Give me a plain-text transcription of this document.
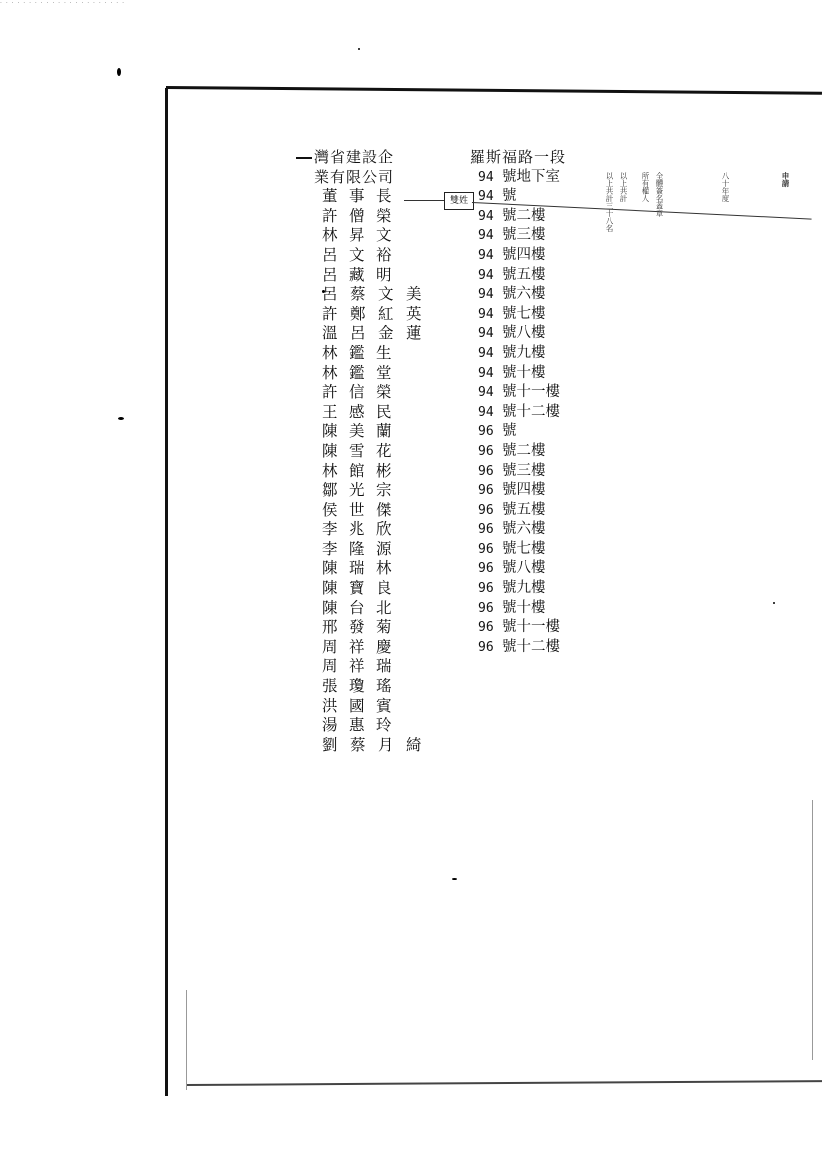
· · · · · · · · · · · · · · · · · · · · · ·
雙姓
灣省建設企
業有限公司
董 事 長
許 僧 榮
林 昇 文
呂 文 裕
呂 藏 明
呂 蔡 文 美
許 鄭 紅 英
溫 呂 金 蓮
林 鑑 生
林 鑑 堂
許 信 榮
王 感 民
陳 美 蘭
陳 雪 花
林 館 彬
鄒 光 宗
侯 世 傑
李 兆 欣
李 隆 源
陳 瑞 林
陳 寶 良
陳 台 北
邢 發 菊
周 祥 慶
周 祥 瑞
張 瓊 瑤
洪 國 賓
湯 惠 玲
劉 蔡 月 綺
羅斯福路一段
94 號地下室
94 號
94 號二樓
94 號三樓
94 號四樓
94 號五樓
94 號六樓
94 號七樓
94 號八樓
94 號九樓
94 號十樓
94 號十一樓
94 號十二樓
96 號
96 號二樓
96 號三樓
96 號四樓
96 號五樓
96 號六樓
96 號七樓
96 號八樓
96 號九樓
96 號十樓
96 號十一樓
96 號十二樓
以上共計三十八名 以上共計 所有權人 全體簽名蓋章	八十年度	申請
